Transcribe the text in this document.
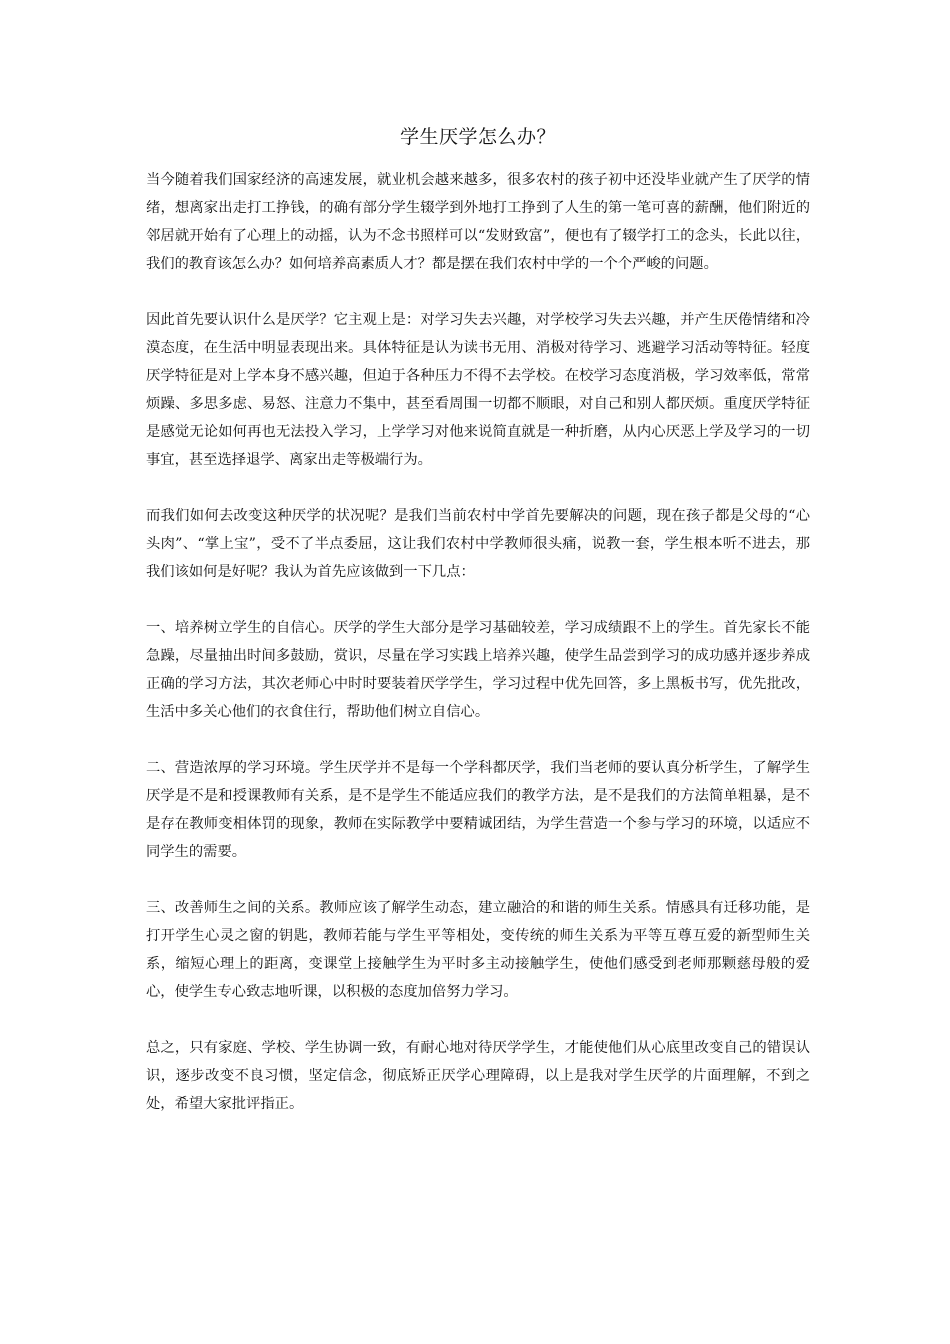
学生厌学怎么办？

当今随着我们国家经济的高速发展，就业机会越来越多，很多农村的孩子初中还没毕业就产生了厌学的情绪，想离家出走打工挣钱，的确有部分学生辍学到外地打工挣到了人生的第一笔可喜的薪酬，他们附近的邻居就开始有了心理上的动摇，认为不念书照样可以“发财致富”，便也有了辍学打工的念头，长此以往，我们的教育该怎么办？如何培养高素质人才？都是摆在我们农村中学的一个个严峻的问题。

因此首先要认识什么是厌学？它主观上是：对学习失去兴趣，对学校学习失去兴趣，并产生厌倦情绪和冷漠态度，在生活中明显表现出来。具体特征是认为读书无用、消极对待学习、逃避学习活动等特征。轻度厌学特征是对上学本身不感兴趣，但迫于各种压力不得不去学校。在校学习态度消极，学习效率低，常常烦躁、多思多虑、易怒、注意力不集中，甚至看周围一切都不顺眼，对自己和别人都厌烦。重度厌学特征是感觉无论如何再也无法投入学习，上学学习对他来说简直就是一种折磨，从内心厌恶上学及学习的一切事宜，甚至选择退学、离家出走等极端行为。

而我们如何去改变这种厌学的状况呢？是我们当前农村中学首先要解决的问题，现在孩子都是父母的“心头肉”、“掌上宝”，受不了半点委屈，这让我们农村中学教师很头痛，说教一套，学生根本听不进去，那我们该如何是好呢？我认为首先应该做到一下几点：

一、培养树立学生的自信心。厌学的学生大部分是学习基础较差，学习成绩跟不上的学生。首先家长不能急躁，尽量抽出时间多鼓励，赏识，尽量在学习实践上培养兴趣，使学生品尝到学习的成功感并逐步养成正确的学习方法，其次老师心中时时要装着厌学学生，学习过程中优先回答，多上黑板书写，优先批改，生活中多关心他们的衣食住行，帮助他们树立自信心。

二、营造浓厚的学习环境。学生厌学并不是每一个学科都厌学，我们当老师的要认真分析学生，了解学生厌学是不是和授课教师有关系，是不是学生不能适应我们的教学方法，是不是我们的方法简单粗暴，是不是存在教师变相体罚的现象，教师在实际教学中要精诚团结，为学生营造一个参与学习的环境，以适应不同学生的需要。

三、改善师生之间的关系。教师应该了解学生动态，建立融洽的和谐的师生关系。情感具有迁移功能，是打开学生心灵之窗的钥匙，教师若能与学生平等相处，变传统的师生关系为平等互尊互爱的新型师生关系，缩短心理上的距离，变课堂上接触学生为平时多主动接触学生，使他们感受到老师那颗慈母般的爱心，使学生专心致志地听课，以积极的态度加倍努力学习。

总之，只有家庭、学校、学生协调一致，有耐心地对待厌学学生，才能使他们从心底里改变自己的错误认识，逐步改变不良习惯，坚定信念，彻底矫正厌学心理障碍，以上是我对学生厌学的片面理解，不到之处，希望大家批评指正。
